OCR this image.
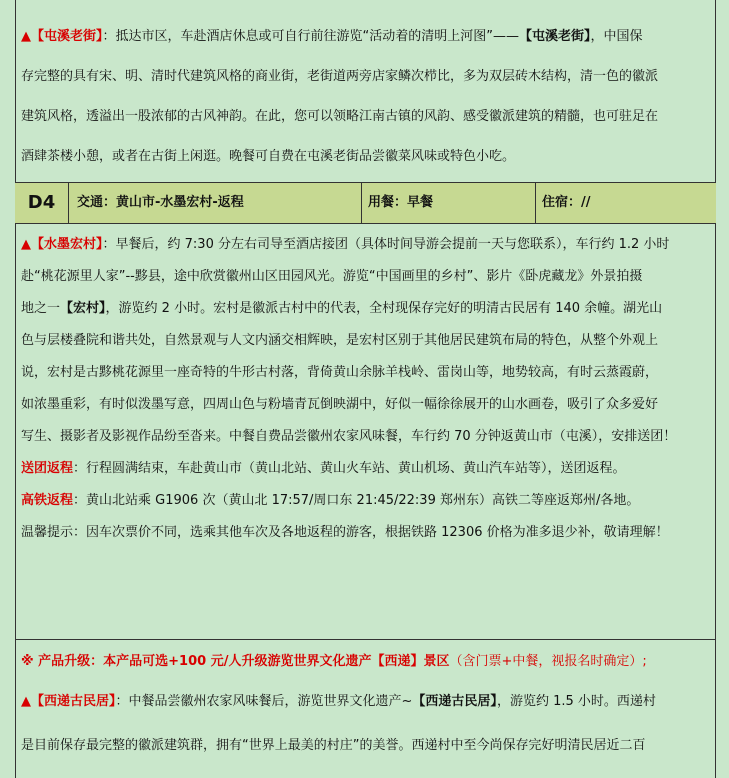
▲【屯溪老街】：抵达市区，车赴酒店休息或可自行前往游览“活动着的清明上河图”——【屯溪老街】，中国保
存完整的具有宋、明、清时代建筑风格的商业街，老街道两旁店家鳞次栉比，多为双层砖木结构，清一色的徽派
建筑风格，透溢出一股浓郁的古风神韵。在此，您可以领略江南古镇的风韵、感受徽派建筑的精髓，也可驻足在
酒肆茶楼小憩，或者在古街上闲逛。晚餐可自费在屯溪老街品尝徽菜风味或特色小吃。
D4	交通：黄山市-水墨宏村-返程	用餐：早餐	住宿：//
▲【水墨宏村】：早餐后，约 7:30 分左右司导至酒店接团（具体时间导游会提前一天与您联系），车行约 1.2 小时
赴“桃花源里人家”--黟县，途中欣赏徽州山区田园风光。游览“中国画里的乡村”、影片《卧虎藏龙》外景拍摄
地之一【宏村】，游览约 2 小时。宏村是徽派古村中的代表，全村现保存完好的明清古民居有 140 余幢。湖光山
色与层楼叠院和谐共处，自然景观与人文内涵交相辉映，是宏村区别于其他居民建筑布局的特色，从整个外观上
说，宏村是古黟桃花源里一座奇特的牛形古村落，背倚黄山余脉羊栈岭、雷岗山等，地势较高，有时云蒸霞蔚，
如浓墨重彩，有时似泼墨写意，四周山色与粉墙青瓦倒映湖中，好似一幅徐徐展开的山水画卷，吸引了众多爱好
写生、摄影者及影视作品纷至沓来。中餐自费品尝徽州农家风味餐，车行约 70 分钟返黄山市（屯溪），安排送团！
送团返程：行程圆满结束，车赴黄山市（黄山北站、黄山火车站、黄山机场、黄山汽车站等），送团返程。
高铁返程：黄山北站乘 G1906 次（黄山北 17:57/周口东 21:45/22:39 郑州东）高铁二等座返郑州/各地。
温馨提示：因车次票价不同，选乘其他车次及各地返程的游客，根据铁路 12306 价格为准多退少补，敬请理解！
※ 产品升级：本产品可选+100 元/人升级游览世界文化遗产【西递】景区（含门票+中餐，视报名时确定）;
▲【西递古民居】：中餐品尝徽州农家风味餐后，游览世界文化遗产~【西递古民居】，游览约 1.5 小时。西递村
是目前保存最完整的徽派建筑群，拥有“世界上最美的村庄”的美誉。西递村中至今尚保存完好明清民居近二百
